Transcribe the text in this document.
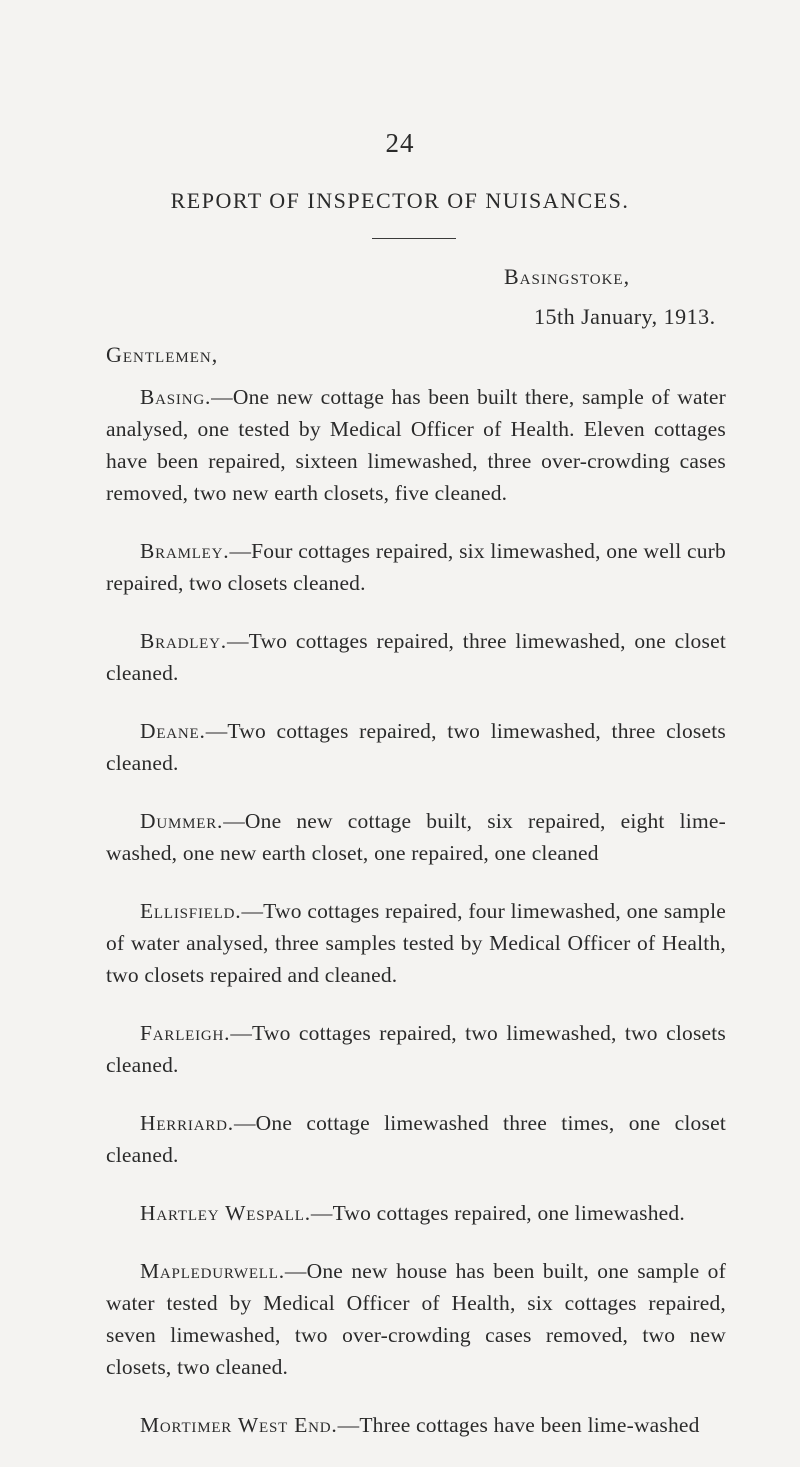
24
REPORT OF INSPECTOR OF NUISANCES.
Basingstoke,
15th January, 1913.
Gentlemen,

Basing.—One new cottage has been built there, sample of water analysed, one tested by Medical Officer of Health. Eleven cottages have been repaired, sixteen limewashed, three over-crowding cases removed, two new earth closets, five cleaned.

Bramley.—Four cottages repaired, six limewashed, one well curb repaired, two closets cleaned.

Bradley.—Two cottages repaired, three limewashed, one closet cleaned.

Deane.—Two cottages repaired, two limewashed, three closets cleaned.

Dummer.—One new cottage built, six repaired, eight lime-washed, one new earth closet, one repaired, one cleaned

Ellisfield.—Two cottages repaired, four limewashed, one sample of water analysed, three samples tested by Medical Officer of Health, two closets repaired and cleaned.

Farleigh.—Two cottages repaired, two limewashed, two closets cleaned.

Herriard.—One cottage limewashed three times, one closet cleaned.

Hartley Wespall.—Two cottages repaired, one limewashed.

Mapledurwell.—One new house has been built, one sample of water tested by Medical Officer of Health, six cottages repaired, seven limewashed, two over-crowding cases removed, two new closets, two cleaned.

Mortimer West End.—Three cottages have been lime-washed
